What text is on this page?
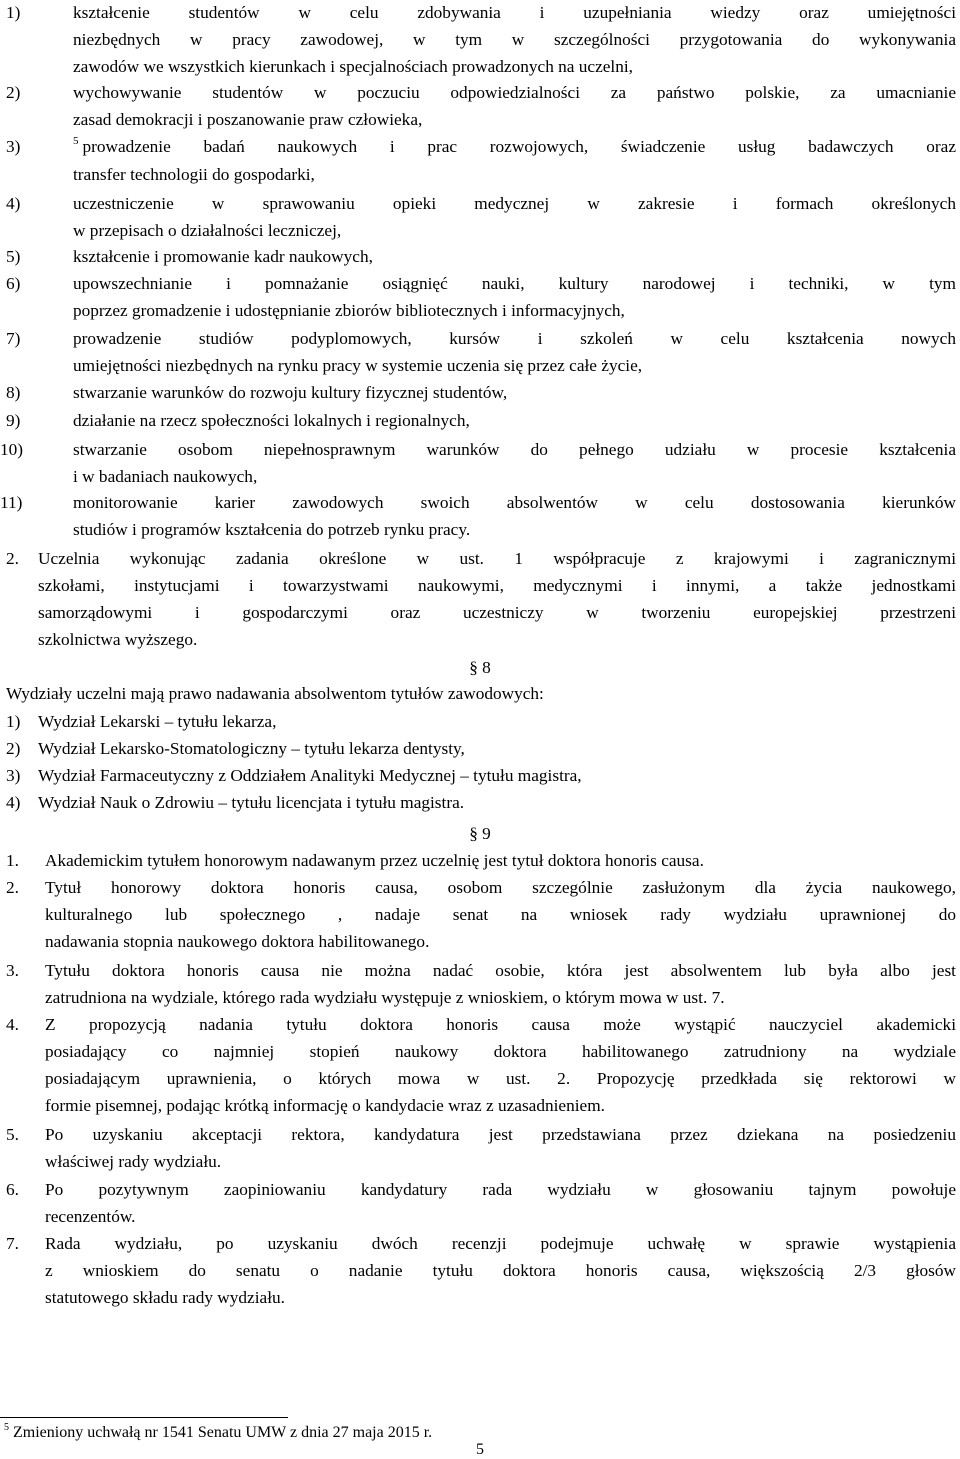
1)	kształcenie studentów w celu zdobywania i uzupełniania wiedzy oraz umiejętności
niezbędnych w pracy zawodowej, w tym w szczególności przygotowania do wykonywania
zawodów we wszystkich kierunkach i specjalnościach prowadzonych na uczelni,
2)	wychowywanie studentów w poczuciu odpowiedzialności za państwo polskie, za umacnianie
zasad demokracji i poszanowanie praw człowieka,
3)	$^5$ prowadzenie badań naukowych i prac rozwojowych, świadczenie usług badawczych oraz
transfer technologii do gospodarki,
4)	uczestniczenie w sprawowaniu opieki medycznej w zakresie i formach określonych
w przepisach o działalności leczniczej,
5)	kształcenie i promowanie kadr naukowych,
6)	upowszechnianie i pomnażanie osiągnięć nauki, kultury narodowej i techniki, w tym
poprzez gromadzenie i udostępnianie zbiorów bibliotecznych i informacyjnych,
7)	prowadzenie studiów podyplomowych, kursów i szkoleń w celu kształcenia nowych
umiejętności niezbędnych na rynku pracy w systemie uczenia się przez całe życie,
8)	stwarzanie warunków do rozwoju kultury fizycznej studentów,
9)	działanie na rzecz społeczności lokalnych i regionalnych,
10)	stwarzanie osobom niepełnosprawnym warunków do pełnego udziału w procesie kształcenia
i w badaniach naukowych,
11)	monitorowanie karier zawodowych swoich absolwentów w celu dostosowania kierunków
studiów i programów kształcenia do potrzeb rynku pracy.
2. Uczelnia wykonując zadania określone w ust. 1 współpracuje z krajowymi i zagranicznymi
szkołami, instytucjami i towarzystwami naukowymi, medycznymi i innymi, a także jednostkami
samorządowymi i gospodarczymi oraz uczestniczy w tworzeniu europejskiej przestrzeni
szkolnictwa wyższego.
§ 8
Wydziały uczelni mają prawo nadawania absolwentom tytułów zawodowych:
1) Wydział Lekarski – tytułu lekarza,
2) Wydział Lekarsko-Stomatologiczny – tytułu lekarza dentysty,
3) Wydział Farmaceutyczny z Oddziałem Analityki Medycznej – tytułu magistra,
4) Wydział Nauk o Zdrowiu – tytułu licencjata i tytułu magistra.
§ 9
1. Akademickim tytułem honorowym nadawanym przez uczelnię jest tytuł doktora honoris causa.
2. Tytuł honorowy doktora honoris causa, osobom szczególnie zasłużonym dla życia naukowego,
kulturalnego lub społecznego , nadaje senat na wniosek rady wydziału uprawnionej do
nadawania stopnia naukowego doktora habilitowanego.
3. Tytułu doktora honoris causa nie można nadać osobie, która jest absolwentem lub była albo jest
zatrudniona na wydziale, którego rada wydziału występuje z wnioskiem, o którym mowa w ust. 7.
4. Z propozycją nadania tytułu doktora honoris causa może wystąpić nauczyciel akademicki
posiadający co najmniej stopień naukowy doktora habilitowanego zatrudniony na wydziale
posiadającym uprawnienia, o których mowa w ust. 2. Propozycję przedkłada się rektorowi w
formie pisemnej, podając krótką informację o kandydacie wraz z uzasadnieniem.
5. Po uzyskaniu akceptacji rektora, kandydatura jest przedstawiana przez dziekana na posiedzeniu
właściwej rady wydziału.
6. Po pozytywnym zaopiniowaniu kandydatury rada wydziału w głosowaniu tajnym powołuje
recenzentów.
7. Rada wydziału, po uzyskaniu dwóch recenzji podejmuje uchwałę w sprawie wystąpienia
z wnioskiem do senatu o nadanie tytułu doktora honoris causa, większością 2/3 głosów
statutowego składu rady wydziału.
$^5$ Zmieniony uchwałą nr 1541 Senatu UMW z dnia 27 maja 2015 r.
5
